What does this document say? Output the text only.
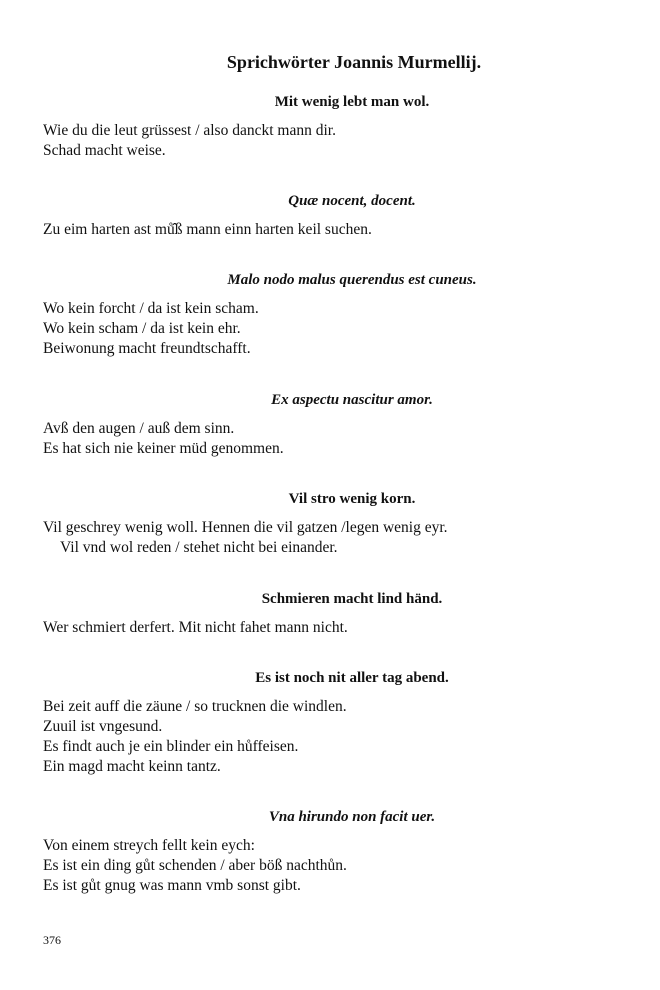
Sprichwörter Joannis Murmellij.
Mit wenig lebt man wol.
Wie du die leut grüssest / also danckt mann dir.
Schad macht weise.
Quæ nocent, docent.
Zu eim harten ast mů̂ß mann einn harten keil suchen.
Malo nodo malus querendus est cuneus.
Wo kein forcht / da ist kein scham.
Wo kein scham / da ist kein ehr.
Beiwonung macht freundtschafft.
Ex aspectu nascitur amor.
Avß den augen / auß dem sinn.
Es hat sich nie keiner müd genommen.
Vil stro wenig korn.
Vil geschrey wenig woll. Hennen die vil gatzen /legen wenig eyr.
Vil vnd wol reden / stehet nicht bei einander.
Schmieren macht lind händ.
Wer schmiert derfert. Mit nicht fahet mann nicht.
Es ist noch nit aller tag abend.
Bei zeit auff die zäune / so trucknen die windlen.
Zuuil ist vngesund.
Es findt auch je ein blinder ein hůffeisen.
Ein magd macht keinn tantz.
Vna hirundo non facit uer.
Von einem streych fellt kein eych:
Es ist ein ding gůt schenden / aber böß nachthůn.
Es ist gůt gnug was mann vmb sonst gibt.
376
